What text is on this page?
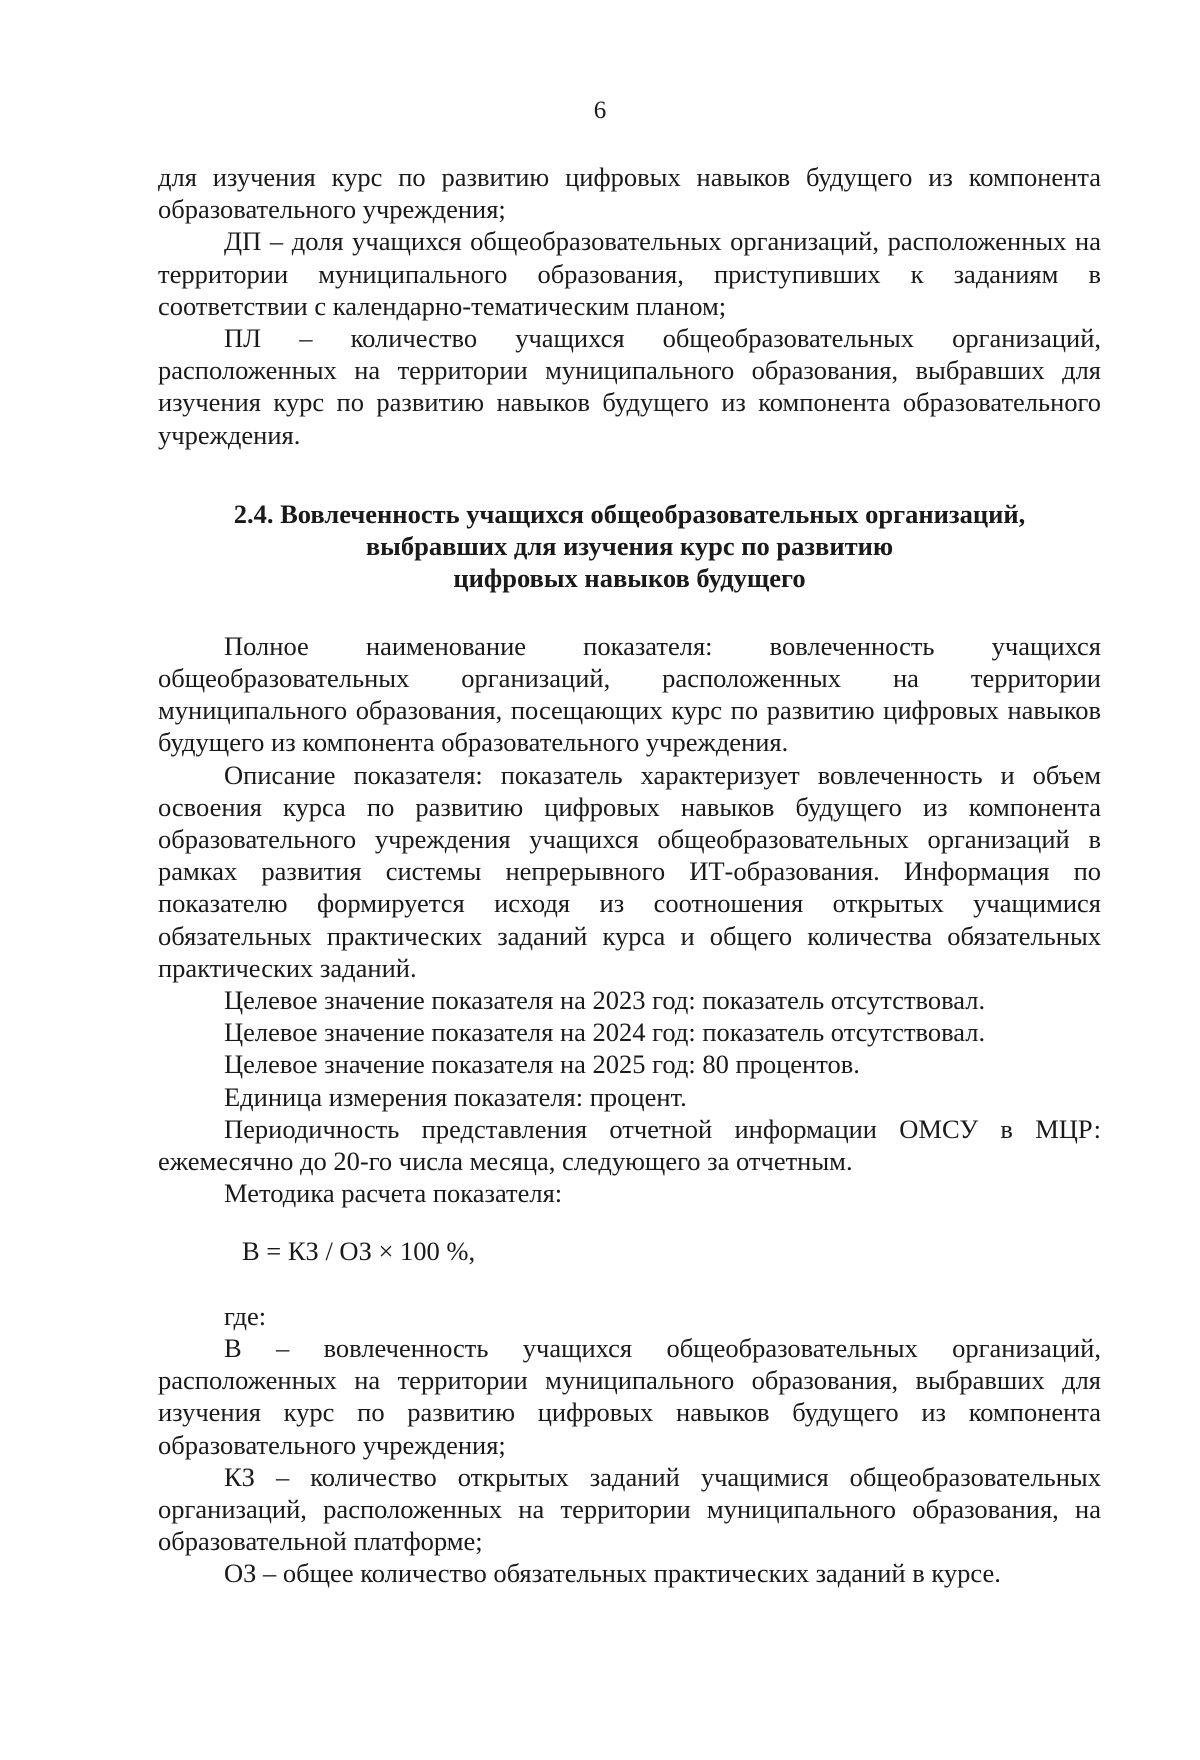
6

для изучения курс по развитию цифровых навыков будущего из компонента образовательного учреждения;

ДП – доля учащихся общеобразовательных организаций, расположенных на территории муниципального образования, приступивших к заданиям в соответствии с календарно-тематическим планом;

ПЛ – количество учащихся общеобразовательных организаций, расположенных на территории муниципального образования, выбравших для изучения курс по развитию навыков будущего из компонента образовательного учреждения.

2.4. Вовлеченность учащихся общеобразовательных организаций,
выбравших для изучения курс по развитию
цифровых навыков будущего

Полное наименование показателя: вовлеченность учащихся общеобразовательных организаций, расположенных на территории муниципального образования, посещающих курс по развитию цифровых навыков будущего из компонента образовательного учреждения.

Описание показателя: показатель характеризует вовлеченность и объем освоения курса по развитию цифровых навыков будущего из компонента образовательного учреждения учащихся общеобразовательных организаций в рамках развития системы непрерывного ИТ-образования. Информация по показателю формируется исходя из соотношения открытых учащимися обязательных практических заданий курса и общего количества обязательных практических заданий.

Целевое значение показателя на 2023 год: показатель отсутствовал.

Целевое значение показателя на 2024 год: показатель отсутствовал.

Целевое значение показателя на 2025 год: 80 процентов.

Единица измерения показателя: процент.

Периодичность представления отчетной информации ОМСУ в МЦР: ежемесячно до 20-го числа месяца, следующего за отчетным.

Методика расчета показателя:

В = КЗ / ОЗ × 100 %,

где:

В – вовлеченность учащихся общеобразовательных организаций, расположенных на территории муниципального образования, выбравших для изучения курс по развитию цифровых навыков будущего из компонента образовательного учреждения;

КЗ – количество открытых заданий учащимися общеобразовательных организаций, расположенных на территории муниципального образования, на образовательной платформе;

ОЗ – общее количество обязательных практических заданий в курсе.
